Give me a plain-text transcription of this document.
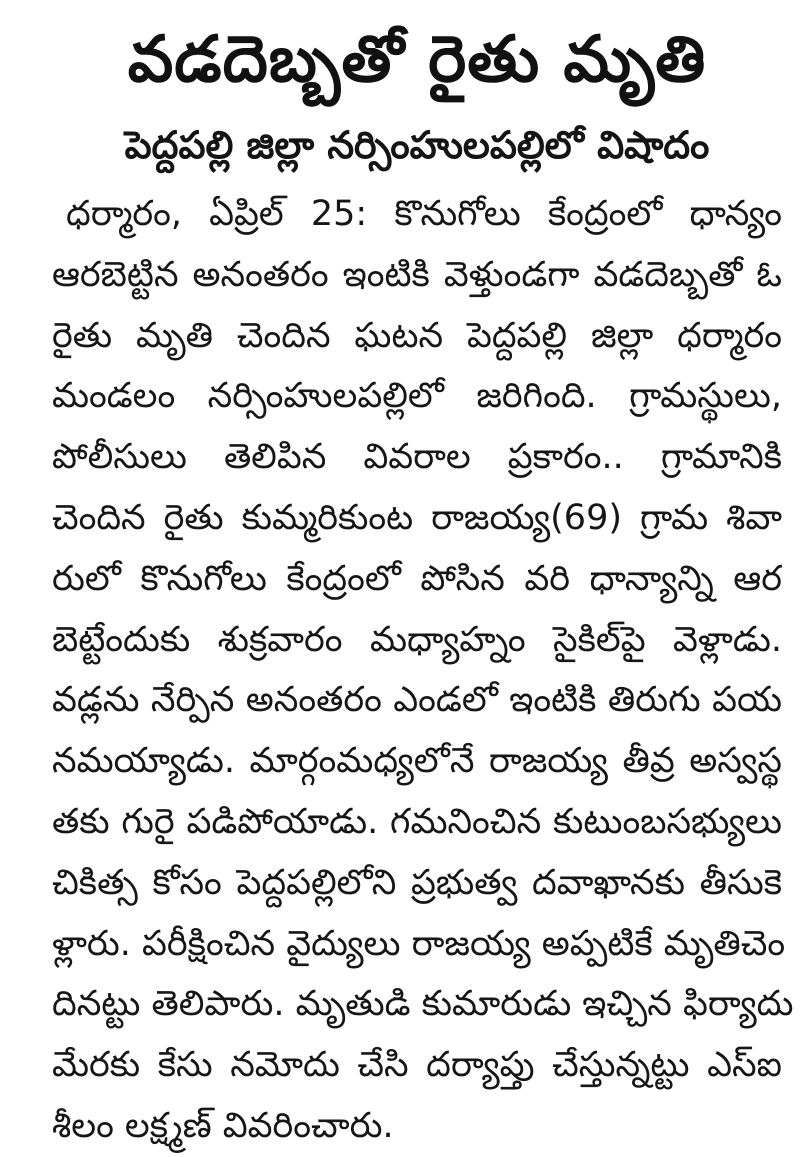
వడదెబ్బతో రైతు మృతి
పెద్దపల్లి జిల్లా నర్సింహులపల్లిలో విషాదం
ధర్మారం, ఏప్రిల్ 25: కొనుగోలు కేంద్రంలో ధాన్యం
ఆరబెట్టిన అనంతరం ఇంటికి వెళ్తుండగా వడదెబ్బతో ఓ
రైతు మృతి చెందిన ఘటన పెద్దపల్లి జిల్లా ధర్మారం
మండలం నర్సింహులపల్లిలో జరిగింది. గ్రామస్థులు,
పోలీసులు తెలిపిన వివరాల ప్రకారం.. గ్రామానికి
చెందిన రైతు కుమ్మరికుంట రాజయ్య(69) గ్రామ శివా
రులో కొనుగోలు కేంద్రంలో పోసిన వరి ధాన్యాన్ని ఆర
బెట్టేందుకు శుక్రవారం మధ్యాహ్నం సైకిల్‌పై వెళ్లాడు.
వడ్లను నేర్పిన అనంతరం ఎండలో ఇంటికి తిరుగు పయ
నమయ్యాడు. మార్గంమధ్యలోనే రాజయ్య తీవ్ర అస్వస్థ
తకు గురై పడిపోయాడు. గమనించిన కుటుంబసభ్యులు
చికిత్స కోసం పెద్దపల్లిలోని ప్రభుత్వ దవాఖానకు తీసుకె
ళ్లారు. పరీక్షించిన వైద్యులు రాజయ్య అప్పటికే మృతిచెం
దినట్టు తెలిపారు. మృతుడి కుమారుడు ఇచ్చిన ఫిర్యాదు
మేరకు కేసు నమోదు చేసి దర్యాప్తు చేస్తున్నట్టు ఎస్‌ఐ
శీలం లక్ష్మణ్ వివరించారు.
